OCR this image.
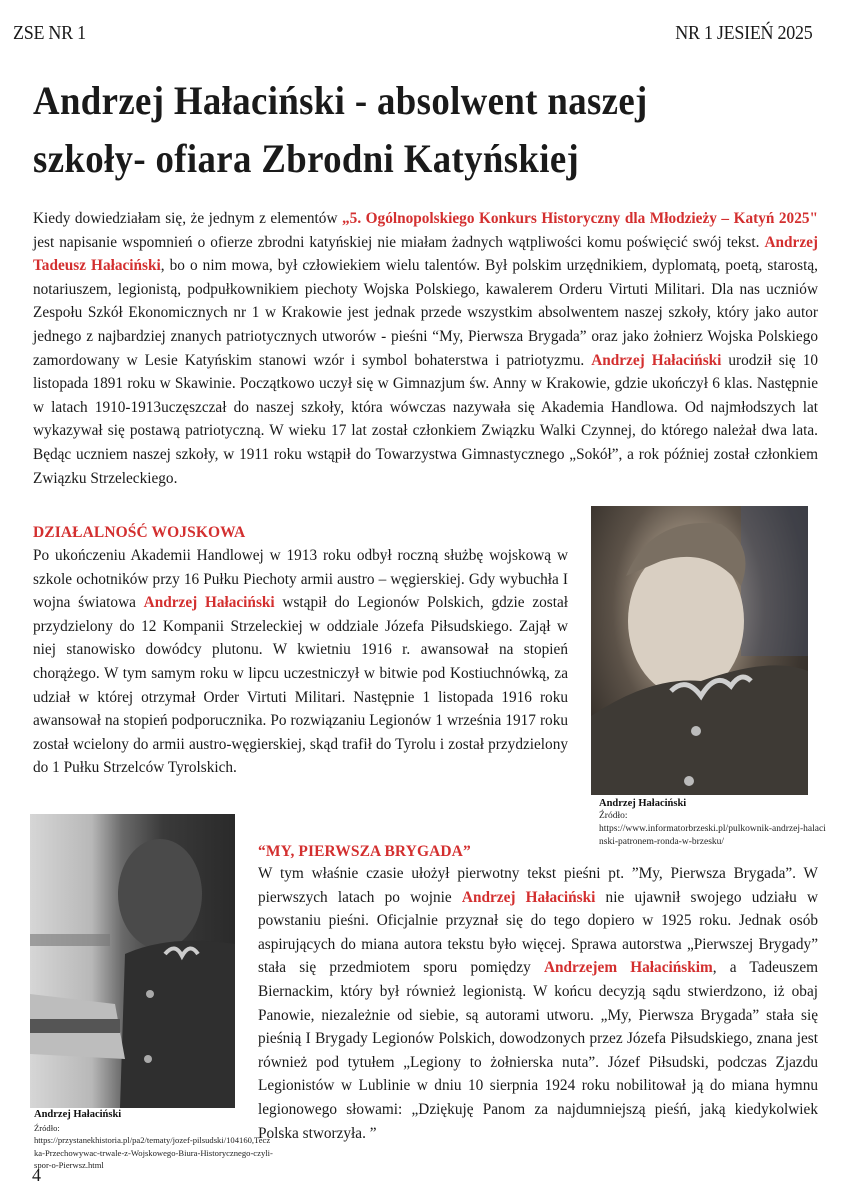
ZSE NR 1	NR 1 JESIEŃ 2025
Andrzej Hałaciński - absolwent naszej szkoły- ofiara Zbrodni Katyńskiej

Kiedy dowiedziałam się, że jednym z elementów „5. Ogólnopolskiego Konkurs Historyczny dla Młodzieży – Katyń 2025" jest napisanie wspomnień o ofierze zbrodni katyńskiej nie miałam żadnych wątpliwości komu poświęcić swój tekst. Andrzej Tadeusz Hałaciński, bo o nim mowa, był człowiekiem wielu talentów. Był polskim urzędnikiem, dyplomatą, poetą, starostą, notariuszem, legionistą, podpułkownikiem piechoty Wojska Polskiego, kawalerem Orderu Virtuti Militari. Dla nas uczniów Zespołu Szkół Ekonomicznych nr 1 w Krakowie jest jednak przede wszystkim absolwentem naszej szkoły, który jako autor jednego z najbardziej znanych patriotycznych utworów - pieśni “My, Pierwsza Brygada” oraz jako żołnierz Wojska Polskiego zamordowany w Lesie Katyńskim stanowi wzór i symbol bohaterstwa i patriotyzmu. Andrzej Hałaciński urodził się 10 listopada 1891 roku w Skawinie. Początkowo uczył się w Gimnazjum św. Anny w Krakowie, gdzie ukończył 6 klas. Następnie w latach 1910-1913uczęszczał do naszej szkoły, która wówczas nazywała się Akademia Handlowa. Od najmłodszych lat wykazywał się postawą patriotyczną. W wieku 17 lat został członkiem Związku Walki Czynnej, do którego należał dwa lata. Będąc uczniem naszej szkoły, w 1911 roku wstąpił do Towarzystwa Gimnastycznego „Sokół”, a rok później został członkiem Związku Strzeleckiego.

DZIAŁALNOŚĆ WOJSKOWA

Po ukończeniu Akademii Handlowej w 1913 roku odbył roczną służbę wojskową w szkole ochotników przy 16 Pułku Piechoty armii austro – węgierskiej. Gdy wybuchła I wojna światowa Andrzej Hałaciński wstąpił do Legionów Polskich, gdzie został przydzielony do 12 Kompanii Strzeleckiej w oddziale Józefa Piłsudskiego. Zajął w niej stanowisko dowódcy plutonu. W kwietniu 1916 r. awansował na stopień chorążego. W tym samym roku w lipcu uczestniczył w bitwie pod Kostiuchnówką, za udział w której otrzymał Order Virtuti Militari. Następnie 1 listopada 1916 roku awansował na stopień podporucznika. Po rozwiązaniu Legionów 1 września 1917 roku został wcielony do armii austro-węgierskiej, skąd trafił do Tyrolu i został przydzielony do 1 Pułku Strzelców Tyrolskich.

Andrzej Hałaciński
Źródło:
https://www.informatorbrzeski.pl/pulkownik-andrzej-halacinski-patronem-ronda-w-brzesku/
Andrzej Hałaciński
Źródło:
https://przystanekhistoria.pl/pa2/tematy/jozef-pilsudski/104160,Teczka-Przechowywac-trwale-z-Wojskowego-Biura-Historycznego-czyli-spor-o-Pierwsz.html
“MY, PIERWSZA BRYGADA”

W tym właśnie czasie ułożył pierwotny tekst pieśni pt. ”My, Pierwsza Brygada”. W pierwszych latach po wojnie Andrzej Hałaciński nie ujawnił swojego udziału w powstaniu pieśni. Oficjalnie przyznał się do tego dopiero w 1925 roku. Jednak osób aspirujących do miana autora tekstu było więcej. Sprawa autorstwa „Pierwszej Brygady” stała się przedmiotem sporu pomiędzy Andrzejem Hałacińskim, a Tadeuszem Biernackim, który był również legionistą. W końcu decyzją sądu stwierdzono, iż obaj Panowie, niezależnie od siebie, są autorami utworu. „My, Pierwsza Brygada” stała się pieśnią I Brygady Legionów Polskich, dowodzonych przez Józefa Piłsudskiego, znana jest również pod tytułem „Legiony to żołnierska nuta”. Józef Piłsudski, podczas Zjazdu Legionistów w Lublinie w dniu 10 sierpnia 1924 roku nobilitował ją do miana hymnu legionowego słowami: „Dziękuję Panom za najdumniejszą pieśń, jaką kiedykolwiek Polska stworzyła. ”

4
